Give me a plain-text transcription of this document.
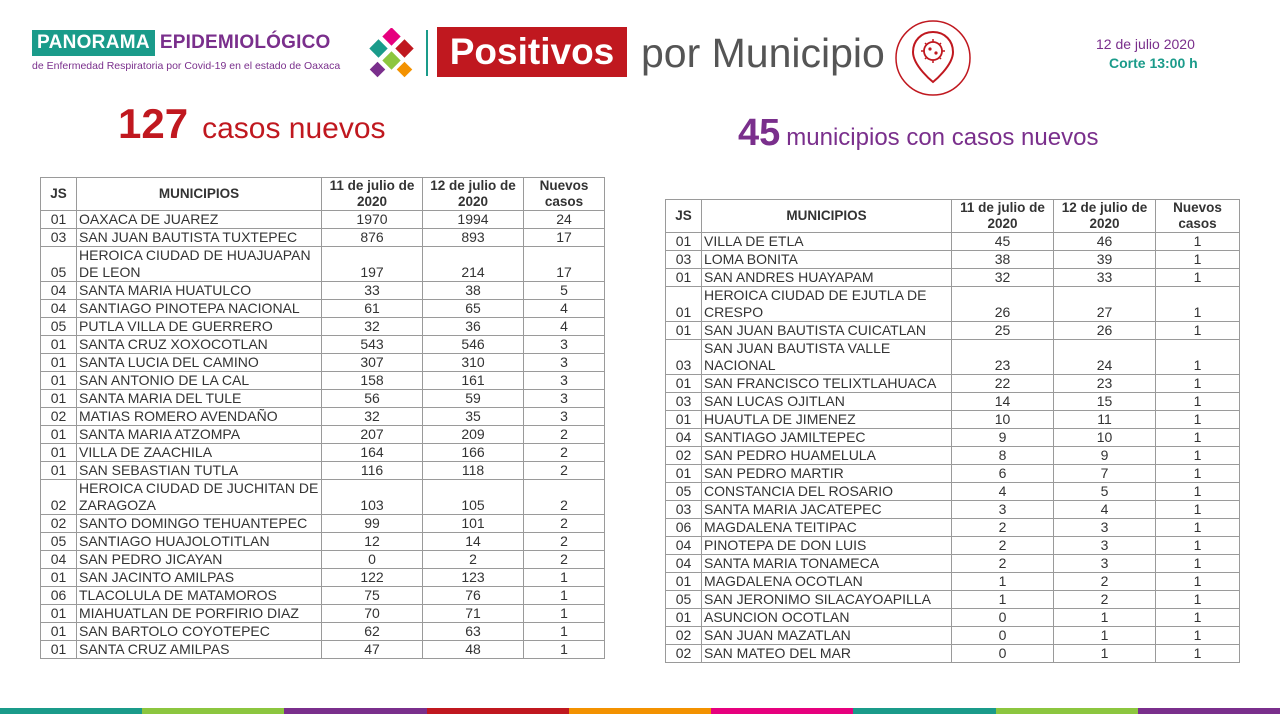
PANORAMA EPIDEMIOLÓGICO
de Enfermedad Respiratoria por Covid-19 en el estado de Oaxaca	Positivos por Municipio	12 de julio 2020
Corte 13:00 h
127 casos nuevos	45 municipios con casos nuevos
JS	MUNICIPIOS	11 de julio de 2020	12 de julio de 2020	Nuevos casos
01	OAXACA DE JUAREZ	1970	1994	24
03	SAN JUAN BAUTISTA TUXTEPEC	876	893	17
05	HEROICA CIUDAD DE HUAJUAPAN DE LEON	197	214	17
04	SANTA MARIA HUATULCO	33	38	5
04	SANTIAGO PINOTEPA NACIONAL	61	65	4
05	PUTLA VILLA DE GUERRERO	32	36	4
01	SANTA CRUZ XOXOCOTLAN	543	546	3
01	SANTA LUCIA DEL CAMINO	307	310	3
01	SAN ANTONIO DE LA CAL	158	161	3
01	SANTA MARIA DEL TULE	56	59	3
02	MATIAS ROMERO AVENDAÑO	32	35	3
01	SANTA MARIA ATZOMPA	207	209	2
01	VILLA DE ZAACHILA	164	166	2
01	SAN SEBASTIAN TUTLA	116	118	2
02	HEROICA CIUDAD DE JUCHITAN DE ZARAGOZA	103	105	2
02	SANTO DOMINGO TEHUANTEPEC	99	101	2
05	SANTIAGO HUAJOLOTITLAN	12	14	2
04	SAN PEDRO JICAYAN	0	2	2
01	SAN JACINTO AMILPAS	122	123	1
06	TLACOLULA DE MATAMOROS	75	76	1
01	MIAHUATLAN DE PORFIRIO DIAZ	70	71	1
01	SAN BARTOLO COYOTEPEC	62	63	1
01	SANTA CRUZ AMILPAS	47	48	1
JS	MUNICIPIOS	11 de julio de 2020	12 de julio de 2020	Nuevos casos
01	VILLA DE ETLA	45	46	1
03	LOMA BONITA	38	39	1
01	SAN ANDRES HUAYAPAM	32	33	1
01	HEROICA CIUDAD DE EJUTLA DE CRESPO	26	27	1
01	SAN JUAN BAUTISTA CUICATLAN	25	26	1
03	SAN JUAN BAUTISTA VALLE NACIONAL	23	24	1
01	SAN FRANCISCO TELIXTLAHUACA	22	23	1
03	SAN LUCAS OJITLAN	14	15	1
01	HUAUTLA DE JIMENEZ	10	11	1
04	SANTIAGO JAMILTEPEC	9	10	1
02	SAN PEDRO HUAMELULA	8	9	1
01	SAN PEDRO MARTIR	6	7	1
05	CONSTANCIA DEL ROSARIO	4	5	1
03	SANTA MARIA JACATEPEC	3	4	1
06	MAGDALENA TEITIPAC	2	3	1
04	PINOTEPA DE DON LUIS	2	3	1
04	SANTA MARIA TONAMECA	2	3	1
01	MAGDALENA OCOTLAN	1	2	1
05	SAN JERONIMO SILACAYOAPILLA	1	2	1
01	ASUNCION OCOTLAN	0	1	1
02	SAN JUAN MAZATLAN	0	1	1
02	SAN MATEO DEL MAR	0	1	1
